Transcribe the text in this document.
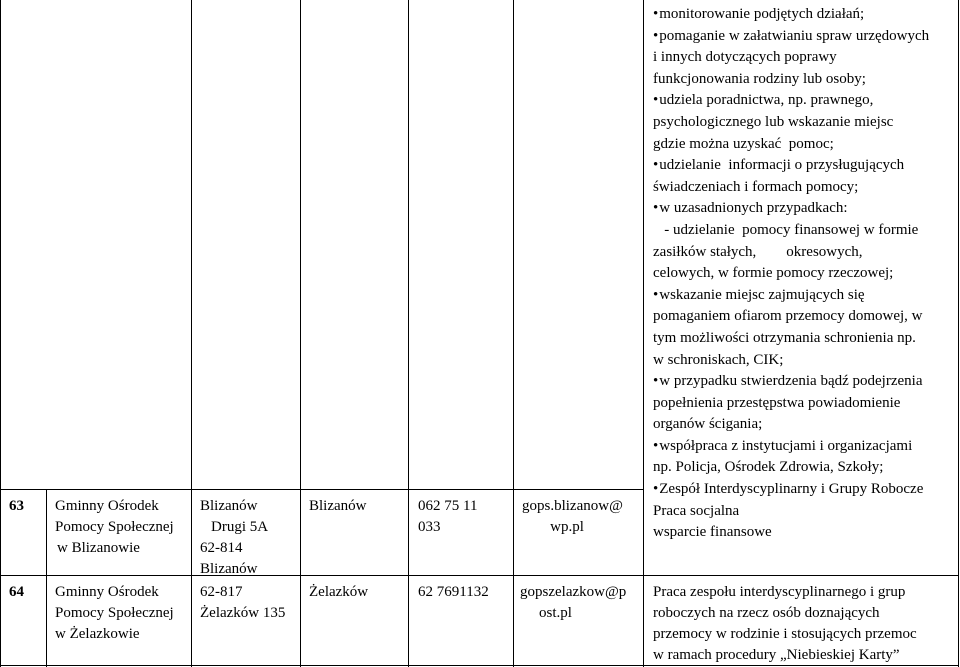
63 Gminny Ośrodek
Pomocy Społecznej
w Blizanowie
Blizanów
Drugi 5A
62-814
Blizanów
Blizanów	062 75 11
033
gops.blizanow@
wp.pl
64 Gminny Ośrodek
Pomocy Społecznej
w Żelazkowie
62-817
Żelazków 135
Żelazków	62 7691132 gopszelazkow@p
ost.pl
• monitorowanie podjętych działań;
• pomaganie w załatwianiu spraw urzędowych
i innych dotyczących poprawy
funkcjonowania rodziny lub osoby;
• udziela poradnictwa, np. prawnego,
psychologicznego lub wskazanie miejsc
gdzie można uzyskać  pomoc;
• udzielanie  informacji o przysługujących
świadczeniach i formach pomocy;
• w uzasadnionych przypadkach:
- udzielanie  pomocy finansowej w formie
zasiłków stałych,        okresowych,
celowych, w formie pomocy rzeczowej;
• wskazanie miejsc zajmujących się
pomaganiem ofiarom przemocy domowej, w
tym możliwości otrzymania schronienia np.
w schroniskach, CIK;
• w przypadku stwierdzenia bądź podejrzenia
popełnienia przestępstwa powiadomienie
organów ścigania;
• współpraca z instytucjami i organizacjami
np. Policja, Ośrodek Zdrowia, Szkoły;
• Zespół Interdyscyplinarny i Grupy Robocze
Praca socjalna
wsparcie finansowe
Praca zespołu interdyscyplinarnego i grup
roboczych na rzecz osób doznających
przemocy w rodzinie i stosujących przemoc
w ramach procedury „Niebieskiej Karty”
